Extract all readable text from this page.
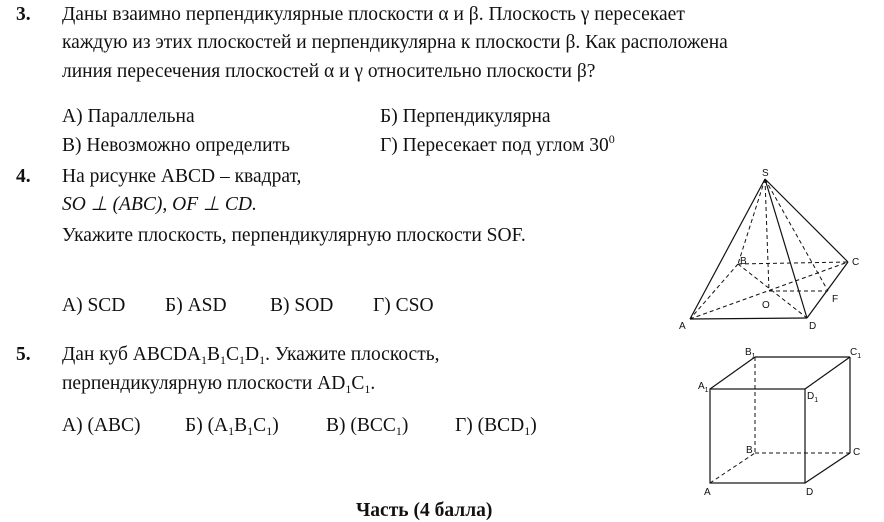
3. Даны взаимно перпендикулярные плоскости α и β. Плоскость γ пересекает
каждую из этих плоскостей и перпендикулярна к плоскости β. Как расположена
линия пересечения плоскостей α и γ относительно плоскости β?
А) Параллельна	Б) Перпендикулярна
В) Невозможно определить	Г) Пересекает под углом $30^0$
4. На рисунке ABCD – квадрат,
SO ⊥ (ABC), OF ⊥ CD.
Укажите плоскость, перпендикулярную плоскости SOF.
А) SCD Б) ASD В) SOD Г) CSO
S
B	C
O
F
A	D
5. Дан куб $ABCDA_1B_1C_1D_1$. Укажите плоскость,
перпендикулярную плоскости $AD_1C_1$.
А) (ABC) Б) $(A_1B_1C_1)$ В) $(BCC_1)$ Г) $(BCD_1)$
$B_1$	$C_1$
$A_1$
$D_1$
B	C
A	D
Часть (4 балла)
